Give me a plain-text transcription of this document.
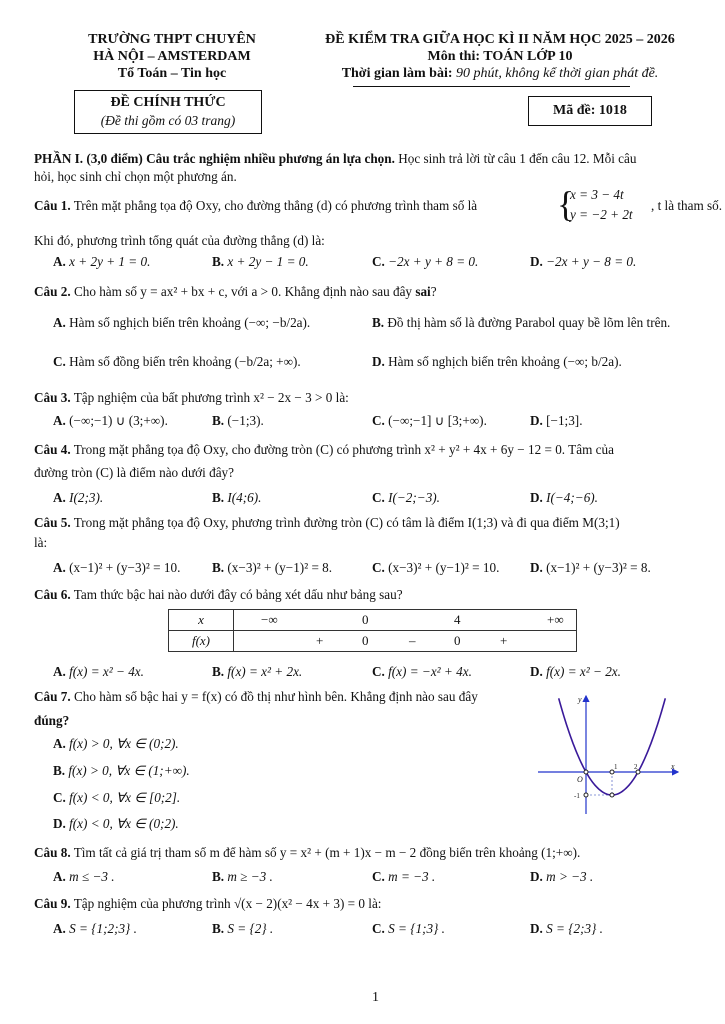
TRƯỜNG THPT CHUYÊN
HÀ NỘI – AMSTERDAM
Tổ Toán – Tin học
ĐỀ CHÍNH THỨC
(Đề thi gồm có 03 trang)
ĐỀ KIỂM TRA GIỮA HỌC KÌ II NĂM HỌC 2025 – 2026
Môn thi: TOÁN LỚP 10
Thời gian làm bài: 90 phút, không kể thời gian phát đề.
Mã đề: 1018
PHẦN I. (3,0 điểm) Câu trắc nghiệm nhiều phương án lựa chọn. Học sinh trả lời từ câu 1 đến câu 12. Mỗi câu
hỏi, học sinh chỉ chọn một phương án.
Câu 1. Trên mặt phẳng tọa độ Oxy, cho đường thẳng (d) có phương trình tham số là {
x = 3 − 4t
y = −2 + 2t
, t là tham số.
Khi đó, phương trình tổng quát của đường thẳng (d) là:
A. x + 2y + 1 = 0.	B. x + 2y − 1 = 0.	C. −2x + y + 8 = 0.	D. −2x + y − 8 = 0.
Câu 2. Cho hàm số y = ax² + bx + c, với a > 0. Khẳng định nào sau đây sai?
A. Hàm số nghịch biến trên khoảng (−∞; −b/2a).	B. Đồ thị hàm số là đường Parabol quay bề lõm lên trên.
C. Hàm số đồng biến trên khoảng (−b/2a; +∞).	D. Hàm số nghịch biến trên khoảng (−∞; b/2a).
Câu 3. Tập nghiệm của bất phương trình x² − 2x − 3 > 0 là:
A. (−∞;−1) ∪ (3;+∞).	B. (−1;3).	C. (−∞;−1] ∪ [3;+∞).	D. [−1;3].
Câu 4. Trong mặt phẳng tọa độ Oxy, cho đường tròn (C) có phương trình x² + y² + 4x + 6y − 12 = 0. Tâm của
đường tròn (C) là điểm nào dưới đây?
A. I(2;3).	B. I(4;6).	C. I(−2;−3).	D. I(−4;−6).
Câu 5. Trong mặt phẳng tọa độ Oxy, phương trình đường tròn (C) có tâm là điểm I(1;3) và đi qua điểm M(3;1)
là:
A. (x−1)² + (y−3)² = 10. B. (x−3)² + (y−1)² = 8.	C. (x−3)² + (y−1)² = 10. D. (x−1)² + (y−3)² = 8.
Câu 6. Tam thức bậc hai nào dưới đây có bảng xét dấu như bảng sau?
x	−∞ 0 4 +∞

f(x)	+ 0 – 0 +
A. f(x) = x² − 4x.	B. f(x) = x² + 2x.	C. f(x) = −x² + 4x.	D. f(x) = x² − 2x.
Câu 7. Cho hàm số bậc hai y = f(x) có đồ thị như hình bên. Khẳng định nào sau đây
đúng?
A. f(x) > 0, ∀x ∈ (0;2).
B. f(x) > 0, ∀x ∈ (1;+∞).
C. f(x) < 0, ∀x ∈ [0;2].
D. f(x) < 0, ∀x ∈ (0;2).
y
x
O
1 2
-1
Câu 8. Tìm tất cả giá trị tham số m để hàm số y = x² + (m + 1)x − m − 2 đồng biến trên khoảng (1;+∞).
A. m ≤ −3 .	B. m ≥ −3 .	C. m = −3 .	D. m > −3 .
Câu 9. Tập nghiệm của phương trình √(x − 2)(x² − 4x + 3) = 0 là:
A. S = {1;2;3} .	B. S = {2} .	C. S = {1;3} .	D. S = {2;3} .
1
